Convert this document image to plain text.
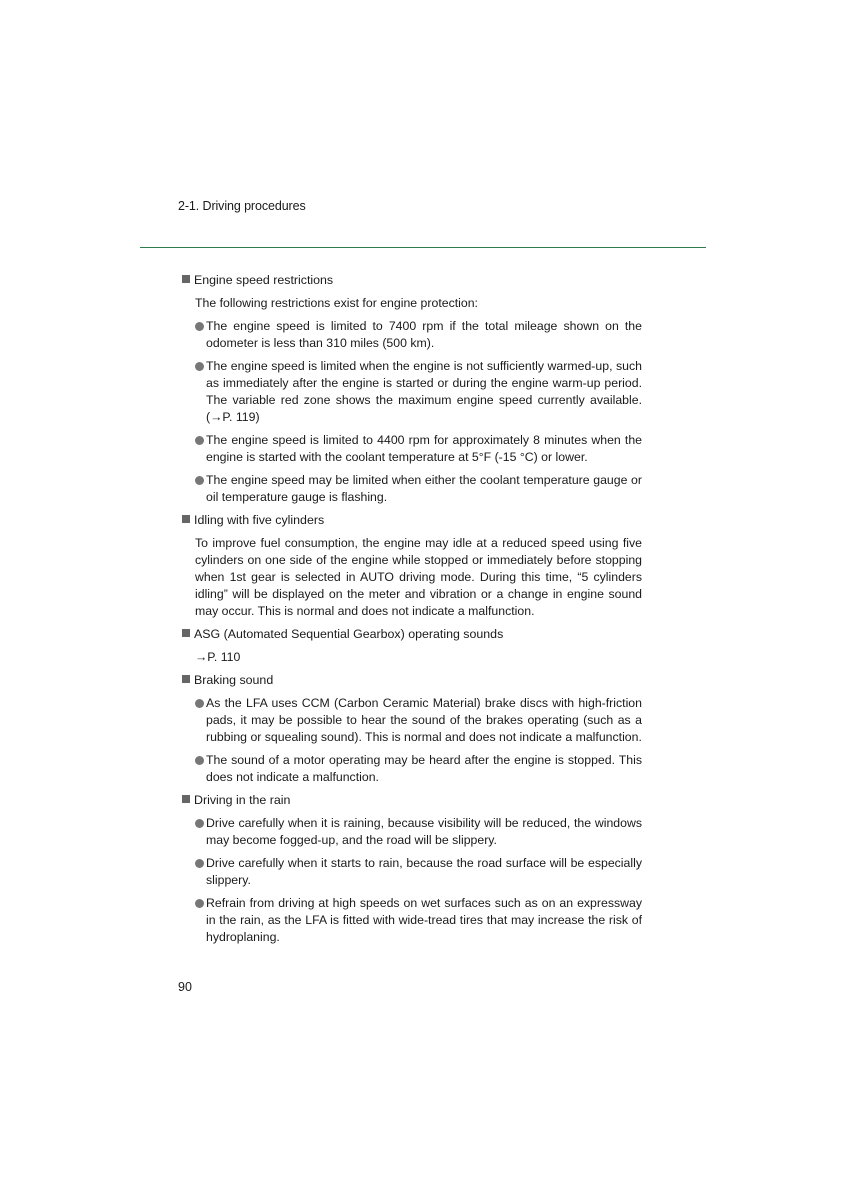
2-1. Driving procedures
Engine speed restrictions
The following restrictions exist for engine protection:
The engine speed is limited to 7400 rpm if the total mileage shown on the odometer is less than 310 miles (500 km).
The engine speed is limited when the engine is not sufficiently warmed-up, such as immediately after the engine is started or during the engine warm-up period. The variable red zone shows the maximum engine speed currently available. (→P. 119)
The engine speed is limited to 4400 rpm for approximately 8 minutes when the engine is started with the coolant temperature at 5°F (-15 °C) or lower.
The engine speed may be limited when either the coolant temperature gauge or oil temperature gauge is flashing.
Idling with five cylinders
To improve fuel consumption, the engine may idle at a reduced speed using five cylinders on one side of the engine while stopped or immediately before stopping when 1st gear is selected in AUTO driving mode. During this time, “5 cylinders idling” will be displayed on the meter and vibration or a change in engine sound may occur. This is normal and does not indicate a malfunction.
ASG (Automated Sequential Gearbox) operating sounds
→P. 110
Braking sound
As the LFA uses CCM (Carbon Ceramic Material) brake discs with high-friction pads, it may be possible to hear the sound of the brakes operating (such as a rubbing or squealing sound). This is normal and does not indicate a malfunction.
The sound of a motor operating may be heard after the engine is stopped. This does not indicate a malfunction.
Driving in the rain
Drive carefully when it is raining, because visibility will be reduced, the windows may become fogged-up, and the road will be slippery.
Drive carefully when it starts to rain, because the road surface will be especially slippery.
Refrain from driving at high speeds on wet surfaces such as on an expressway in the rain, as the LFA is fitted with wide-tread tires that may increase the risk of hydroplaning.
90
